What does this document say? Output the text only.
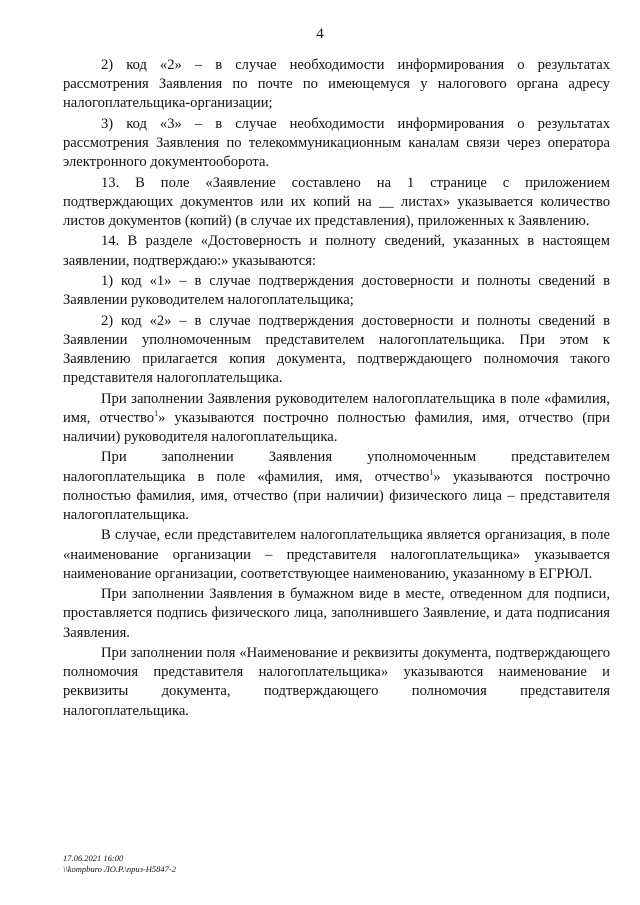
4

2) код «2» – в случае необходимости информирования о результатах рассмотрения Заявления по почте по имеющемуся у налогового органа адресу налогоплательщика-организации;

3) код «3» – в случае необходимости информирования о результатах рассмотрения Заявления по телекоммуникационным каналам связи через оператора электронного документооборота.

13. В поле «Заявление составлено на 1 странице с приложением подтверждающих документов или их копий на __ листах» указывается количество листов документов (копий) (в случае их представления), приложенных к Заявлению.

14. В разделе «Достоверность и полноту сведений, указанных в настоящем заявлении, подтверждаю:» указываются:

1) код «1» – в случае подтверждения достоверности и полноты сведений в Заявлении руководителем налогоплательщика;

2) код «2» – в случае подтверждения достоверности и полноты сведений в Заявлении уполномоченным представителем налогоплательщика. При этом к Заявлению прилагается копия документа, подтверждающего полномочия такого представителя налогоплательщика.

При заполнении Заявления руководителем налогоплательщика в поле «фамилия, имя, отчество$^1$» указываются построчно полностью фамилия, имя, отчество (при наличии) руководителя налогоплательщика.

При заполнении Заявления уполномоченным представителем налогоплательщика в поле «фамилия, имя, отчество$^1$» указываются построчно полностью фамилия, имя, отчество (при наличии) физического лица – представителя налогоплательщика.

В случае, если представителем налогоплательщика является организация, в поле «наименование организации – представителя налогоплательщика» указывается наименование организации, соответствующее наименованию, указанному в ЕГРЮЛ.

При заполнении Заявления в бумажном виде в месте, отведенном для подписи, проставляется подпись физического лица, заполнившего Заявление, и дата подписания Заявления.

При заполнении поля «Наименование и реквизиты документа, подтверждающего полномочия представителя налогоплательщика» указываются наименование и реквизиты документа, подтверждающего полномочия представителя налогоплательщика.

17.06.2021 16:00
\\kompburo ЛО.Р.\приз-Н5847-2
